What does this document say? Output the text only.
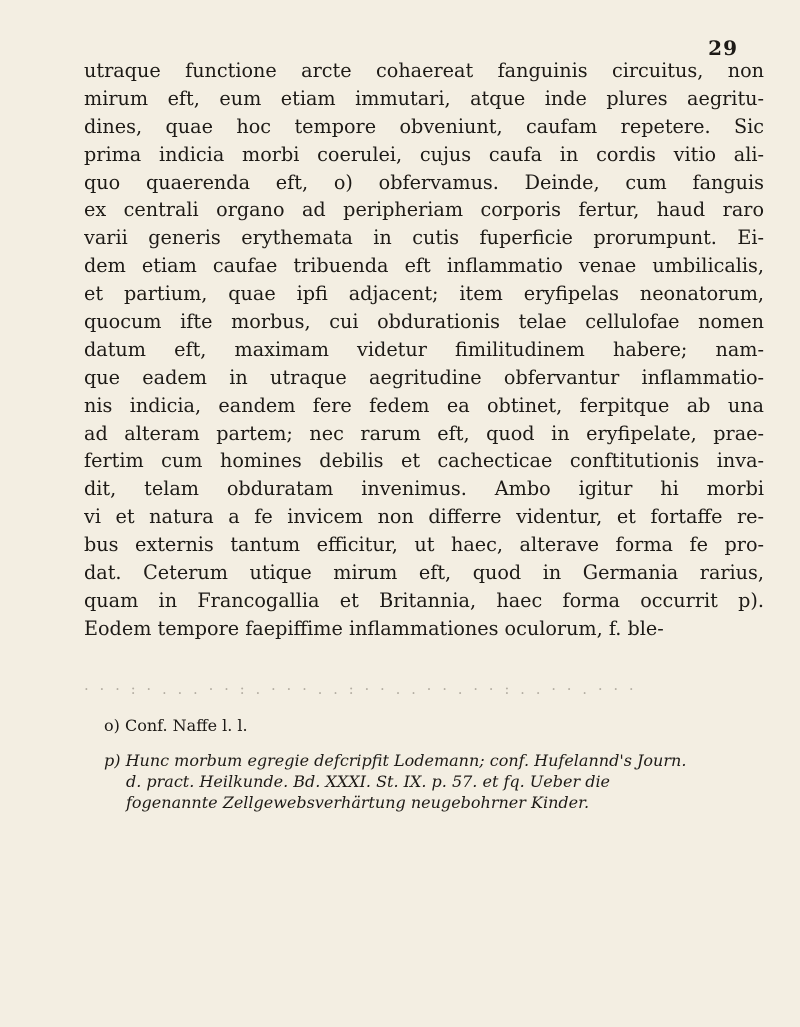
29
utraque functione arcte cohaereat fanguinis circuitus, non
mirum eft, eum etiam immutari, atque inde plures aegritu-
dines, quae hoc tempore obveniunt, caufam repetere. Sic
prima indicia morbi coerulei, cujus caufa in cordis vitio ali-
quo quaerenda eft, o) obfervamus. Deinde, cum fanguis
ex centrali organo ad peripheriam corporis fertur, haud raro
varii generis erythemata in cutis fuperficie prorumpunt. Ei-
dem etiam caufae tribuenda eft inflammatio venae umbilicalis,
et partium, quae ipfi adjacent; item eryfipelas neonatorum,
quocum ifte morbus, cui obdurationis telae cellulofae nomen
datum eft, maximam videtur fimilitudinem habere; nam-
que eadem in utraque aegritudine obfervantur inflammatio-
nis indicia, eandem fere fedem ea obtinet, ferpitque ab una
ad alteram partem; nec rarum eft, quod in eryfipelate, prae-
fertim cum homines debilis et cachecticae conftitutionis inva-
dit, telam obduratam invenimus. Ambo igitur hi morbi
vi et natura a fe invicem non differre videntur, et fortaffe re-
bus externis tantum efficitur, ut haec, alterave forma fe pro-
dat. Ceterum utique mirum eft, quod in Germania rarius,
quam in Francogallia et Britannia, haec forma occurrit p).
Eodem tempore faepiffime inflammationes oculorum, f. ble-
· · · : · . . . · · : . · · · . . : · · . . · · . · · : . . · · . · · ·
o) Conf. Naffe l. l.
p) Hunc morbum egregie defcripfit Lodemann; conf. Hufelannd's Journ.
d. pract. Heilkunde. Bd. XXXI. St. IX. p. 57. et fq. Ueber die
fogenannte Zellgewebsverhärtung neugebohrner Kinder.
